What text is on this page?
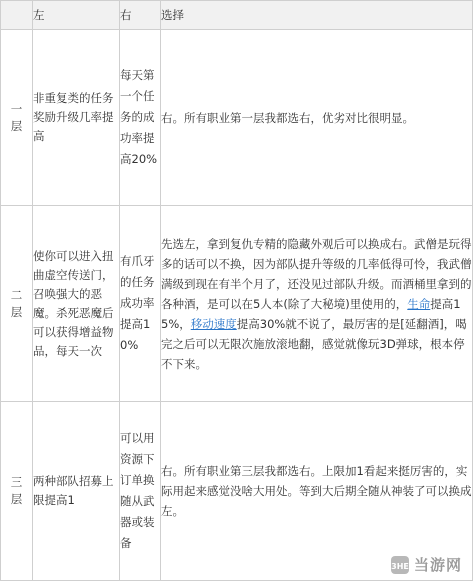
	左	右	选择
一层	非重复类的任务奖励升级几率提高	每天第一个任务的成功率提高20%	右。所有职业第一层我都选右，优劣对比很明显。
二层	使你可以进入扭曲虚空传送门，召唤强大的恶魔。杀死恶魔后可以获得增益物品，每天一次	有爪牙的任务成功率提高10%	先选左，拿到复仇专精的隐藏外观后可以换成右。武僧是玩得多的话可以不换，因为部队提升等级的几率低得可怜，我武僧满级到现在有半个月了，还没见过部队升级。而酒桶里拿到的各种酒，是可以在5人本(除了大秘境)里使用的，生命提高15%，移动速度提高30%就不说了，最厉害的是[延翻酒]，喝完之后可以无限次施放滚地翻，感觉就像玩3D弹球，根本停不下来。
三层	两种部队招募上限提高1	可以用资源下订单换随从武器或装备	右。所有职业第三层我都选右。上限加1看起来挺厉害的，实际用起来感觉没啥大用处。等到大后期全随从神装了可以换成左。
3HE 当游网
